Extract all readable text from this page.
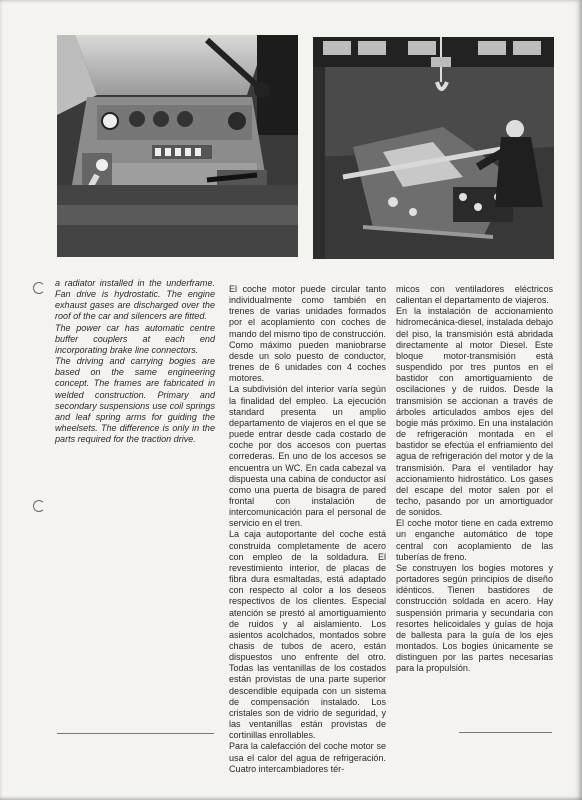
a radiator installed in the underframe. Fan drive is hydrostatic. The engine exhaust gases are discharged over the roof of the car and silencers are fitted.

The power car has automatic centre buffer couplers at each end incorporating brake line connectors.

The driving and carrying bogies are based on the same engineering concept. The frames are fabricated in welded construction. Primary and secondary suspensions use coil springs and leaf spring arms for guiding the wheelsets. The difference is only in the parts required for the traction drive.

El coche motor puede circular tanto individualmente como también en trenes de varias unidades formados por el acoplamiento con coches de mando del mismo tipo de construcción. Como máximo pueden maniobrarse desde un solo puesto de conductor, trenes de 6 unidades con 4 coches motores.

La subdivisión del interior varía según la finalidad del empleo. La ejecución standard presenta un amplio departamento de viajeros en el que se puede entrar desde cada costado de coche por dos accesos con puertas correderas. En uno de los accesos se encuentra un WC. En cada cabezal va dispuesta una cabina de conductor así como una puerta de bisagra de pared frontal con instalación de intercomunicación para el personal de servicio en el tren.

La caja autoportante del coche está construida completamente de acero con empleo de la soldadura. El revestimiento interior, de placas de fibra dura esmaltadas, está adaptado con respecto al color a los deseos respectivos de los clientes. Especial atención se prestó al amortiguamiento de ruidos y al aislamiento. Los asientos acolchados, montados sobre chasis de tubos de acero, están dispuestos uno enfrente del otro. Todas las ventanillas de los costados están provistas de una parte superior descendible equipada con un sistema de compensación instalado. Los cristales son de vidrio de seguridad, y las ventanillas están provistas de cortinillas enrollables.

Para la calefacción del coche motor se usa el calor del agua de refrigeración. Cuatro intercambiadores tér-

micos con ventiladores eléctricos calientan el departamento de viajeros.

En la instalación de accionamiento hidromecánica-diesel, instalada debajo del piso, la transmisión está abridada directamente al motor Diesel. Este bloque motor-transmisión está suspendido por tres puntos en el bastidor con amortiguamiento de oscilaciones y de ruidos. Desde la transmisión se accionan a través de árboles articulados ambos ejes del bogie más próximo. En una instalación de refrigeración montada en el bastidor se efectúa el enfriamiento del agua de refrigeración del motor y de la transmisión. Para el ventilador hay accionamiento hidrostático. Los gases del escape del motor salen por el techo, pasando por un amortiguador de sonidos.

El coche motor tiene en cada extremo un enganche automático de tope central con acoplamiento de las tuberías de freno.

Se construyen los bogies motores y portadores según principios de diseño idénticos. Tienen bastidores de construcción soldada en acero. Hay suspensión primaria y secundaria con resortes helicoidales y guías de hoja de ballesta para la guía de los ejes montados. Los bogies únicamente se distinguen por las partes necesarias para la propulsión.
